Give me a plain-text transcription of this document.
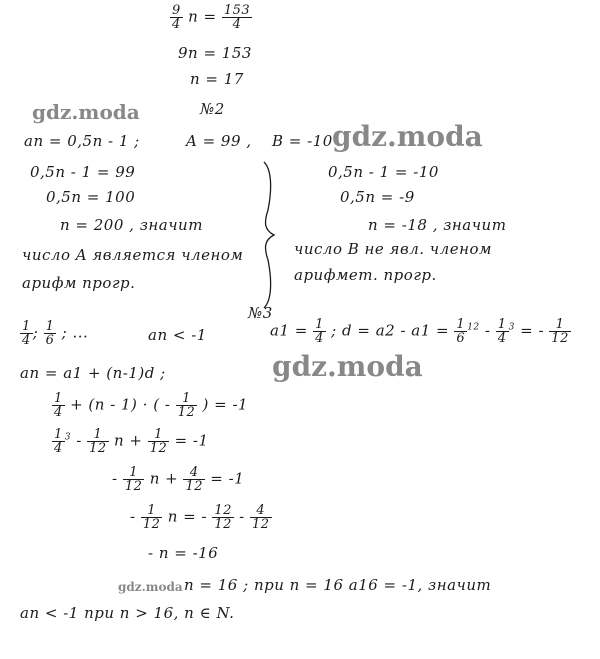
gdz.moda
gdz.moda
gdz.moda
gdz.moda
$\frac{9}{4}$ $n = \frac{153}{4}$
9n = 153
n = 17
№2
an = 0,5n - 1 ;	A = 99 , B = -10
0,5n - 1 = 99
0,5n = 100
n = 200 , значит
число A является членом
арифм прогр.
0,5n - 1 = -10
0,5n = -9
n = -18 , значит
число B не явл. членом
арифмет. прогр.
№3
$\frac{1}{4}$ ; $\frac{1}{6}$ ; ...	an < -1	$a1 = \frac{1}{4}$ ; $d = a2 - a1 = \frac{1}{6} ^{12} - \frac{1}{4} ^3$ = - $\frac{1}{12}$
an = a1 + (n-1)d ;
$\frac{1}{4} + (n - 1)$ · ( - $\frac{1}{12}$ ) = -1
$\frac{1}{4} ^3 - \frac{1}{12}$ $n + \frac{1}{12} = -1$
- $\frac{1}{12}$ $n + \frac{4}{12} = -1$
- $\frac{1}{12}$ n = - $\frac{12}{12} - \frac{4}{12}$
- n = -16
n = 16 ; при n = 16 a16 = -1, значит
an < -1 при n > 16, n ∈ N.
